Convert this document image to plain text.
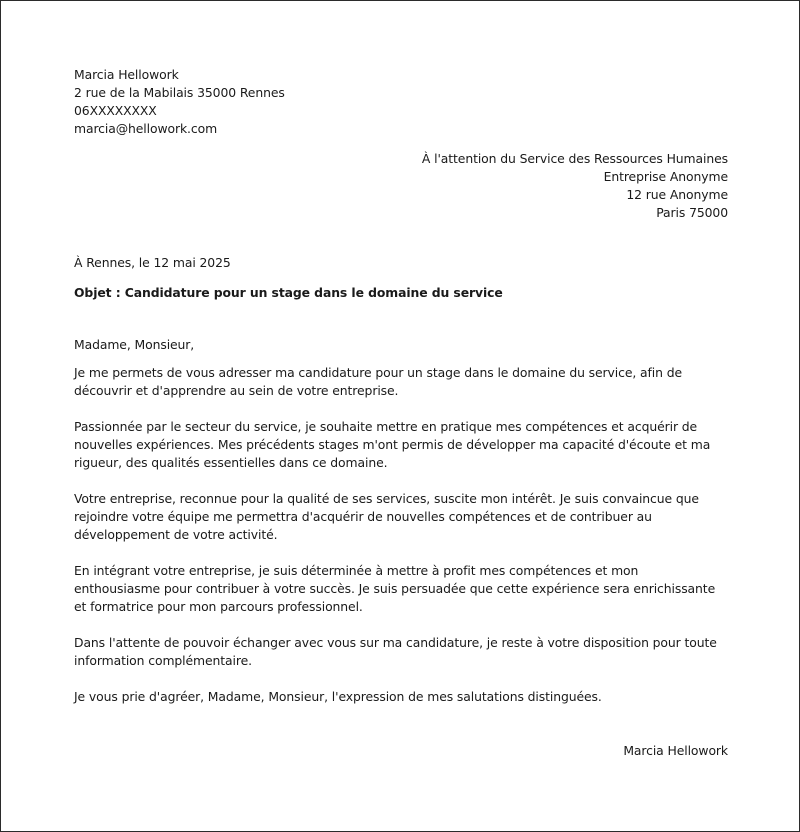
Marcia Hellowork
2 rue de la Mabilais 35000 Rennes
06XXXXXXXX
marcia@hellowork.com
À l'attention du Service des Ressources Humaines
Entreprise Anonyme
12 rue Anonyme
Paris 75000
À Rennes, le 12 mai 2025
Objet : Candidature pour un stage dans le domaine du service
Madame, Monsieur,

Je me permets de vous adresser ma candidature pour un stage dans le domaine du service, afin de découvrir et d'apprendre au sein de votre entreprise.

Passionnée par le secteur du service, je souhaite mettre en pratique mes compétences et acquérir de nouvelles expériences. Mes précédents stages m'ont permis de développer ma capacité d'écoute et ma rigueur, des qualités essentielles dans ce domaine.

Votre entreprise, reconnue pour la qualité de ses services, suscite mon intérêt. Je suis convaincue que rejoindre votre équipe me permettra d'acquérir de nouvelles compétences et de contribuer au développement de votre activité.

En intégrant votre entreprise, je suis déterminée à mettre à profit mes compétences et mon enthousiasme pour contribuer à votre succès. Je suis persuadée que cette expérience sera enrichissante et formatrice pour mon parcours professionnel.

Dans l'attente de pouvoir échanger avec vous sur ma candidature, je reste à votre disposition pour toute information complémentaire.

Je vous prie d'agréer, Madame, Monsieur, l'expression de mes salutations distinguées.

Marcia Hellowork
